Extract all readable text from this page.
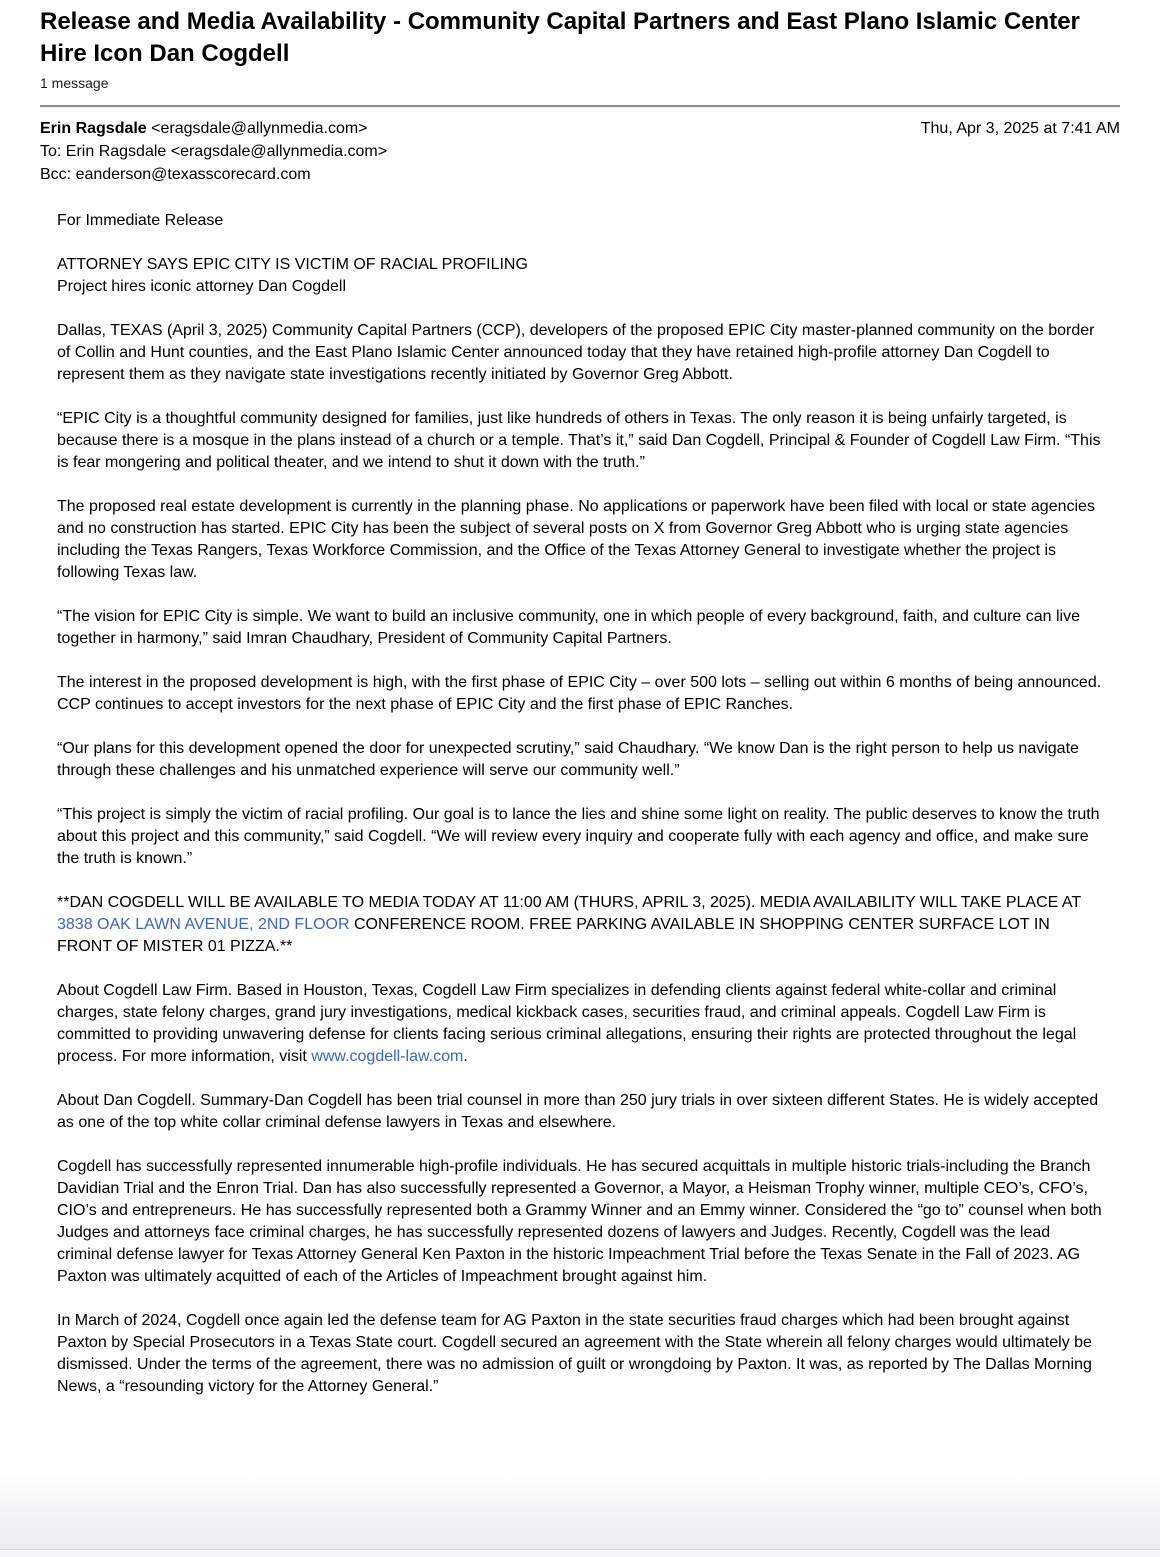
Release and Media Availability - Community Capital Partners and East Plano Islamic Center Hire Icon Dan Cogdell
1 message
Erin Ragsdale <eragsdale@allynmedia.com>	Thu, Apr 3, 2025 at 7:41 AM
To: Erin Ragsdale <eragsdale@allynmedia.com>
Bcc: eanderson@texasscorecard.com

For Immediate Release

ATTORNEY SAYS EPIC CITY IS VICTIM OF RACIAL PROFILING
Project hires iconic attorney Dan Cogdell

Dallas, TEXAS (April 3, 2025) Community Capital Partners (CCP), developers of the proposed EPIC City master-planned community on the border of Collin and Hunt counties, and the East Plano Islamic Center announced today that they have retained high-profile attorney Dan Cogdell to represent them as they navigate state investigations recently initiated by Governor Greg Abbott.

“EPIC City is a thoughtful community designed for families, just like hundreds of others in Texas. The only reason it is being unfairly targeted, is because there is a mosque in the plans instead of a church or a temple. That’s it,” said Dan Cogdell, Principal & Founder of Cogdell Law Firm. “This is fear mongering and political theater, and we intend to shut it down with the truth.”

The proposed real estate development is currently in the planning phase. No applications or paperwork have been filed with local or state agencies and no construction has started. EPIC City has been the subject of several posts on X from Governor Greg Abbott who is urging state agencies including the Texas Rangers, Texas Workforce Commission, and the Office of the Texas Attorney General to investigate whether the project is following Texas law.

“The vision for EPIC City is simple. We want to build an inclusive community, one in which people of every background, faith, and culture can live together in harmony,” said Imran Chaudhary, President of Community Capital Partners.

The interest in the proposed development is high, with the first phase of EPIC City – over 500 lots – selling out within 6 months of being announced. CCP continues to accept investors for the next phase of EPIC City and the first phase of EPIC Ranches.

“Our plans for this development opened the door for unexpected scrutiny,” said Chaudhary. “We know Dan is the right person to help us navigate through these challenges and his unmatched experience will serve our community well.”

“This project is simply the victim of racial profiling. Our goal is to lance the lies and shine some light on reality. The public deserves to know the truth about this project and this community,” said Cogdell. “We will review every inquiry and cooperate fully with each agency and office, and make sure the truth is known.”

**DAN COGDELL WILL BE AVAILABLE TO MEDIA TODAY AT 11:00 AM (THURS, APRIL 3, 2025). MEDIA AVAILABILITY WILL TAKE PLACE AT 3838 OAK LAWN AVENUE, 2ND FLOOR CONFERENCE ROOM. FREE PARKING AVAILABLE IN SHOPPING CENTER SURFACE LOT IN FRONT OF MISTER 01 PIZZA.**

About Cogdell Law Firm. Based in Houston, Texas, Cogdell Law Firm specializes in defending clients against federal white-collar and criminal charges, state felony charges, grand jury investigations, medical kickback cases, securities fraud, and criminal appeals. Cogdell Law Firm is committed to providing unwavering defense for clients facing serious criminal allegations, ensuring their rights are protected throughout the legal process. For more information, visit www.cogdell-law.com.

About Dan Cogdell. Summary-Dan Cogdell has been trial counsel in more than 250 jury trials in over sixteen different States. He is widely accepted as one of the top white collar criminal defense lawyers in Texas and elsewhere.

Cogdell has successfully represented innumerable high-profile individuals. He has secured acquittals in multiple historic trials-including the Branch Davidian Trial and the Enron Trial. Dan has also successfully represented a Governor, a Mayor, a Heisman Trophy winner, multiple CEO’s, CFO’s, CIO’s and entrepreneurs. He has successfully represented both a Grammy Winner and an Emmy winner. Considered the “go to” counsel when both Judges and attorneys face criminal charges, he has successfully represented dozens of lawyers and Judges. Recently, Cogdell was the lead criminal defense lawyer for Texas Attorney General Ken Paxton in the historic Impeachment Trial before the Texas Senate in the Fall of 2023. AG Paxton was ultimately acquitted of each of the Articles of Impeachment brought against him.

In March of 2024, Cogdell once again led the defense team for AG Paxton in the state securities fraud charges which had been brought against Paxton by Special Prosecutors in a Texas State court. Cogdell secured an agreement with the State wherein all felony charges would ultimately be dismissed. Under the terms of the agreement, there was no admission of guilt or wrongdoing by Paxton. It was, as reported by The Dallas Morning News, a “resounding victory for the Attorney General.”
